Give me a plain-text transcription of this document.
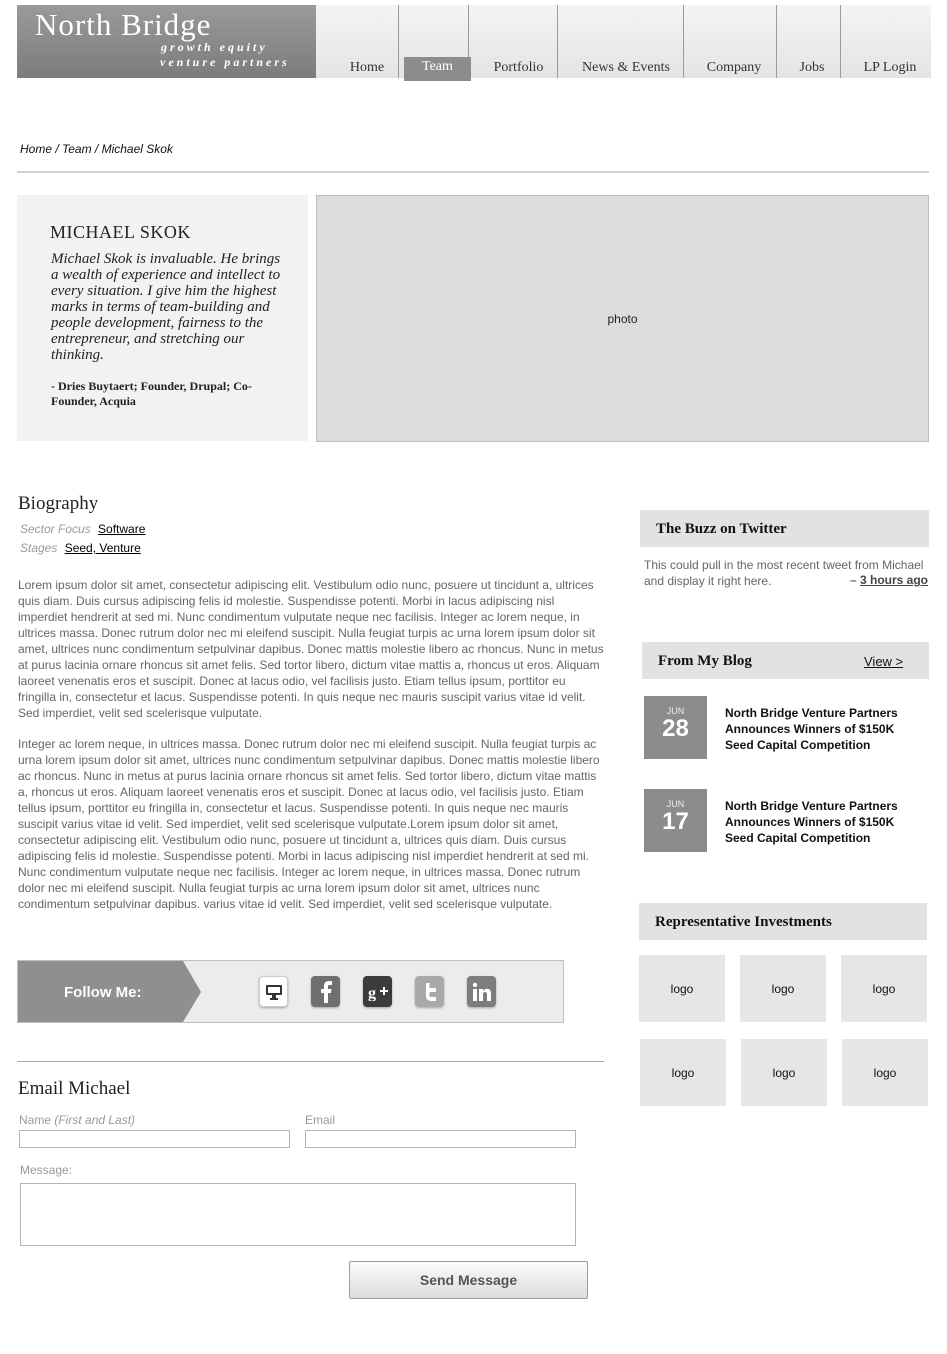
North Bridge
growth equity
venture partners	Home	Team	Portfolio	News & Events	Company	Jobs	LP Login
Home / Team / Michael Skok
MICHAEL SKOK
Michael Skok is invaluable. He brings a wealth of experience and intellect to every situation. I give him the highest marks in terms of team-building and people development, fairness to the entrepreneur, and stretching our thinking.
- Dries Buytaert; Founder, Drupal; Co-Founder, Acquia
photo
Biography
Sector Focus Software
Stages Seed, Venture
Lorem ipsum dolor sit amet, consectetur adipiscing elit. Vestibulum odio nunc, posuere ut tincidunt a, ultrices quis diam. Duis cursus adipiscing felis id molestie. Suspendisse potenti. Morbi in lacus adipiscing nisl imperdiet hendrerit at sed mi. Nunc condimentum vulputate neque nec facilisis. Integer ac lorem neque, in ultrices massa. Donec rutrum dolor nec mi eleifend suscipit. Nulla feugiat turpis ac urna lorem ipsum dolor sit amet, ultrices nunc condimentum setpulvinar dapibus. Donec mattis molestie libero ac rhoncus. Nunc in metus at purus lacinia ornare rhoncus sit amet felis. Sed tortor libero, dictum vitae mattis a, rhoncus ut eros. Aliquam laoreet venenatis eros et suscipit. Donec at lacus odio, vel facilisis justo. Etiam tellus ipsum, porttitor eu fringilla in, consectetur et lacus. Suspendisse potenti. In quis neque nec mauris suscipit varius vitae id velit. Sed imperdiet, velit sed scelerisque vulputate.
Integer ac lorem neque, in ultrices massa. Donec rutrum dolor nec mi eleifend suscipit. Nulla feugiat turpis ac urna lorem ipsum dolor sit amet, ultrices nunc condimentum setpulvinar dapibus. Donec mattis molestie libero ac rhoncus. Nunc in metus at purus lacinia ornare rhoncus sit amet felis. Sed tortor libero, dictum vitae mattis a, rhoncus ut eros. Aliquam laoreet venenatis eros et suscipit. Donec at lacus odio, vel facilisis justo. Etiam tellus ipsum, porttitor eu fringilla in, consectetur et lacus. Suspendisse potenti. In quis neque nec mauris suscipit varius vitae id velit. Sed imperdiet, velit sed scelerisque vulputate.Lorem ipsum dolor sit amet, consectetur adipiscing elit. Vestibulum odio nunc, posuere ut tincidunt a, ultrices quis diam. Duis cursus adipiscing felis id molestie. Suspendisse potenti. Morbi in lacus adipiscing nisl imperdiet hendrerit at sed mi. Nunc condimentum vulputate neque nec facilisis. Integer ac lorem neque, in ultrices massa. Donec rutrum dolor nec mi eleifend suscipit. Nulla feugiat turpis ac urna lorem ipsum dolor sit amet, ultrices nunc condimentum setpulvinar dapibus. varius vitae id velit. Sed imperdiet, velit sed scelerisque vulputate.
Follow Me:	g
Email Michael
Name (First and Last)	Email
Message:
Send Message
The Buzz on Twitter
This could pull in the most recent tweet from Michael and display it right here.	– 3 hours ago
From My Blog	View >
JUN
28
North Bridge Venture Partners Announces Winners of $150K Seed Capital Competition
JUN
17
North Bridge Venture Partners Announces Winners of $150K Seed Capital Competition
Representative Investments
logo	logo	logo
logo	logo	logo
